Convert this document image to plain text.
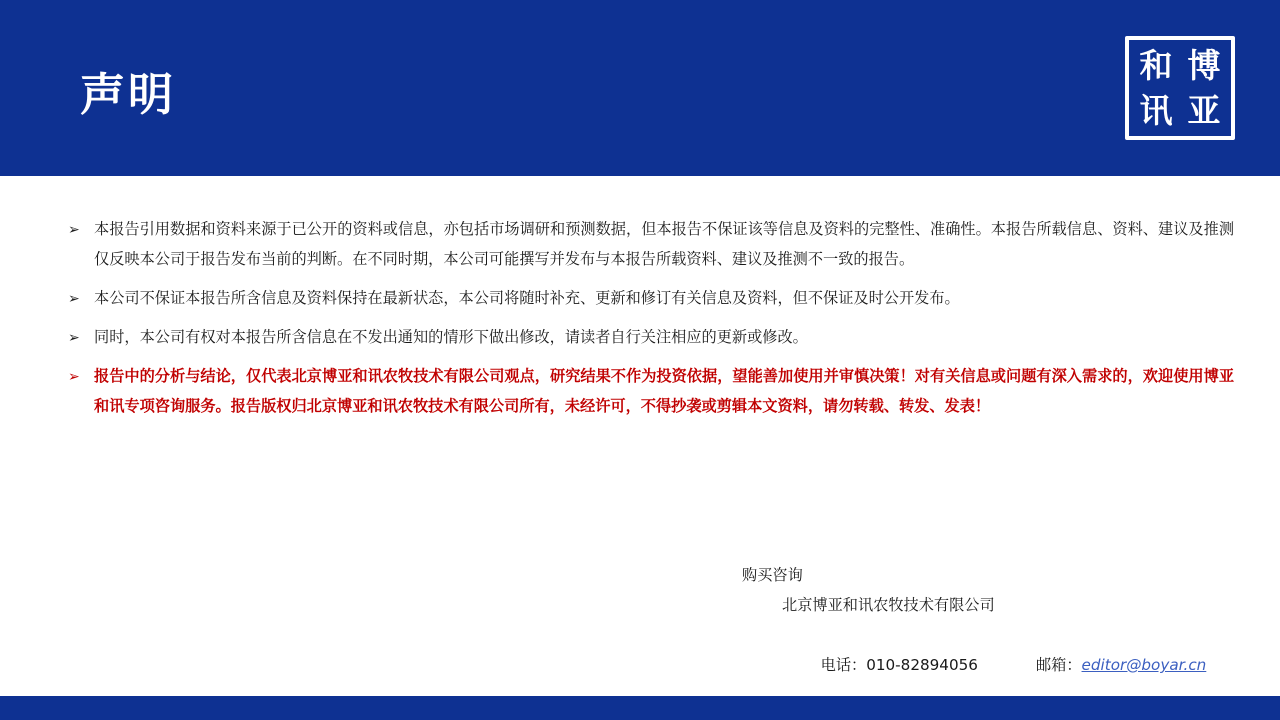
声明
和 博
讯 亚
➢ 本报告引用数据和资料来源于已公开的资料或信息，亦包括市场调研和预测数据，但本报告不保证该等信息及资料的完整性、准确性。本报告所载信息、资料、建议及推测仅反映本公司于报告发布当前的判断。在不同时期，本公司可能撰写并发布与本报告所载资料、建议及推测不一致的报告。
➢ 本公司不保证本报告所含信息及资料保持在最新状态，本公司将随时补充、更新和修订有关信息及资料，但不保证及时公开发布。
➢ 同时，本公司有权对本报告所含信息在不发出通知的情形下做出修改，请读者自行关注相应的更新或修改。
➢ 报告中的分析与结论，仅代表北京博亚和讯农牧技术有限公司观点，研究结果不作为投资依据，望能善加使用并审慎决策！对有关信息或问题有深入需求的，欢迎使用博亚和讯专项咨询服务。报告版权归北京博亚和讯农牧技术有限公司所有，未经许可，不得抄袭或剪辑本文资料，请勿转载、转发、发表！
购买咨询
北京博亚和讯农牧技术有限公司

电话：010-82894056	邮箱：editor@boyar.cn
